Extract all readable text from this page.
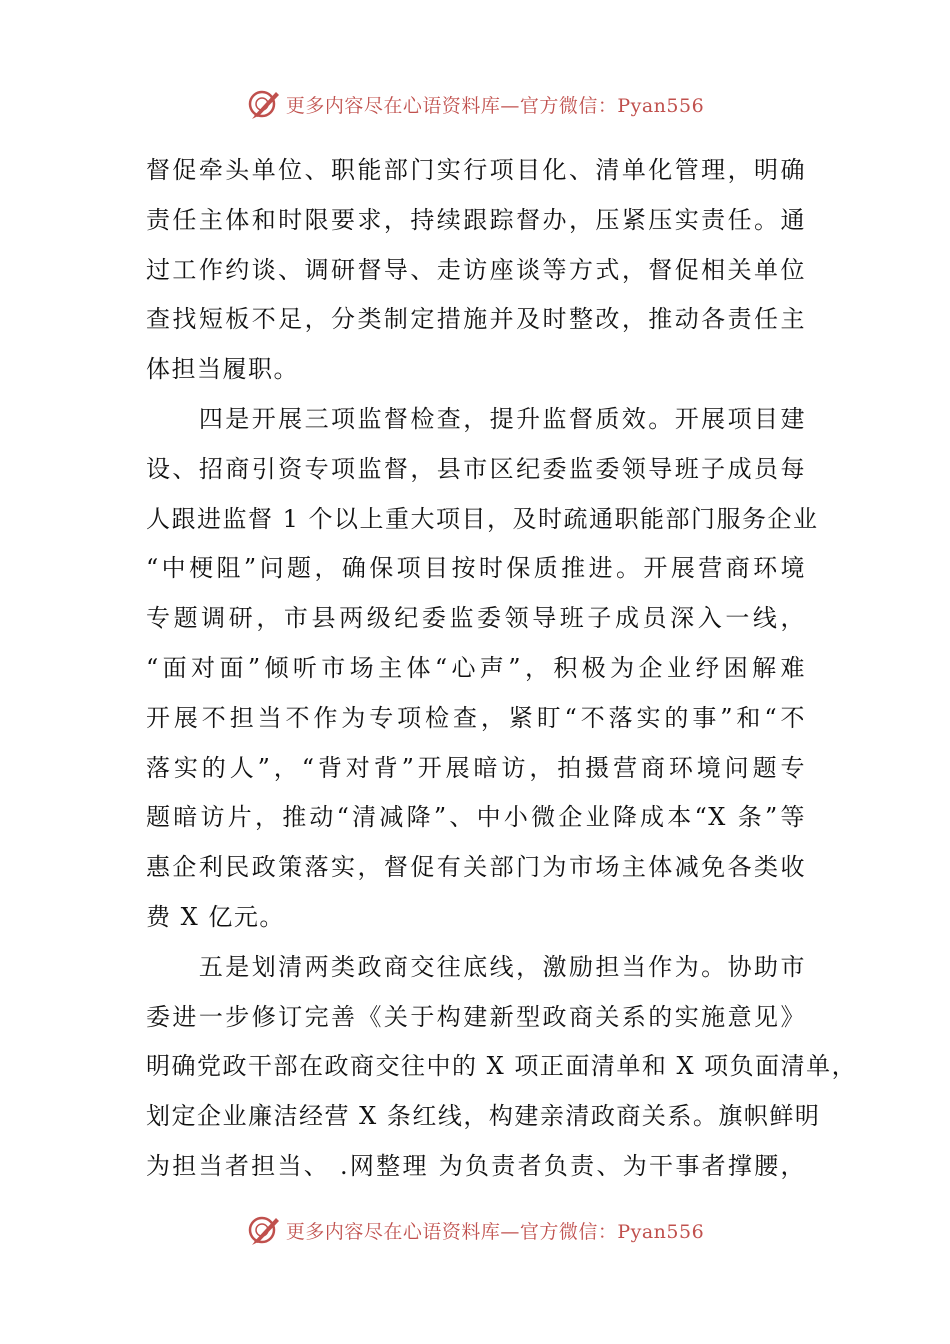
更多内容尽在心语资料库—官方微信：Pyan556
督促牵头单位、职能部门实行项目化、清单化管理，明确
责任主体和时限要求，持续跟踪督办，压紧压实责任。通
过工作约谈、调研督导、走访座谈等方式，督促相关单位
查找短板不足，分类制定措施并及时整改，推动各责任主
体担当履职。
　　四是开展三项监督检查，提升监督质效。开展项目建
设、招商引资专项监督，县市区纪委监委领导班子成员每
人跟进监督 1 个以上重大项目，及时疏通职能部门服务企业
“中梗阻”问题，确保项目按时保质推进。开展营商环境
专题调研，市县两级纪委监委领导班子成员深入一线，
“面对面”倾听市场主体“心声”，积极为企业纾困解难
开展不担当不作为专项检查，紧盯“不落实的事”和“不
落实的人”，“背对背”开展暗访，拍摄营商环境问题专
题暗访片，推动“清减降”、中小微企业降成本“X 条”等
惠企利民政策落实，督促有关部门为市场主体减免各类收
费 X 亿元。
　　五是划清两类政商交往底线，激励担当作为。协助市
委进一步修订完善《关于构建新型政商关系的实施意见》
明确党政干部在政商交往中的 X 项正面清单和 X 项负面清单，
划定企业廉洁经营 X 条红线，构建亲清政商关系。旗帜鲜明
为担当者担当、 .网整理 为负责者负责、为干事者撑腰，
更多内容尽在心语资料库—官方微信：Pyan556
